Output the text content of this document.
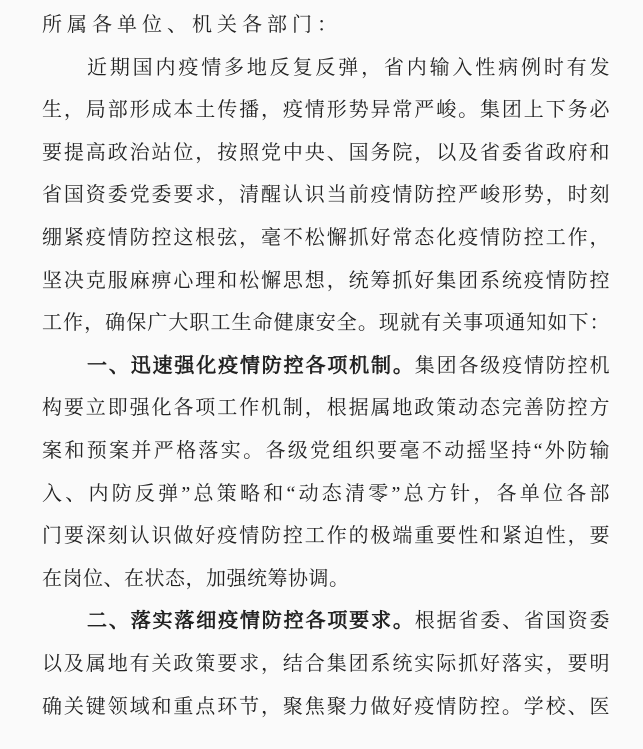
所属各单位、机关各部门：
近期国内疫情多地反复反弹，省内输入性病例时有发
生，局部形成本土传播，疫情形势异常严峻。集团上下务必
要提高政治站位，按照党中央、国务院，以及省委省政府和
省国资委党委要求，清醒认识当前疫情防控严峻形势，时刻
绷紧疫情防控这根弦，毫不松懈抓好常态化疫情防控工作，
坚决克服麻痹心理和松懈思想，统筹抓好集团系统疫情防控
工作，确保广大职工生命健康安全。现就有关事项通知如下：
一、迅速强化疫情防控各项机制。集团各级疫情防控机
构要立即强化各项工作机制，根据属地政策动态完善防控方
案和预案并严格落实。各级党组织要毫不动摇坚持“外防输
入、内防反弹”总策略和“动态清零”总方针，各单位各部
门要深刻认识做好疫情防控工作的极端重要性和紧迫性，要
在岗位、在状态，加强统筹协调。
二、落实落细疫情防控各项要求。根据省委、省国资委
以及属地有关政策要求，结合集团系统实际抓好落实，要明
确关键领域和重点环节，聚焦聚力做好疫情防控。学校、医
